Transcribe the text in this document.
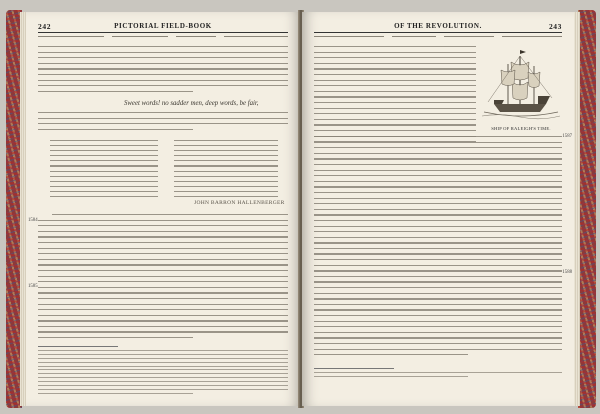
242	PICTORIAL FIELD-BOOK
Sweet words! no sadder men, deep words, be fair,
JOHN BARRON HALLENBERGER
1584
1585
OF THE REVOLUTION.	243
SHIP OF RALEIGH'S TIME.
1587
1588
